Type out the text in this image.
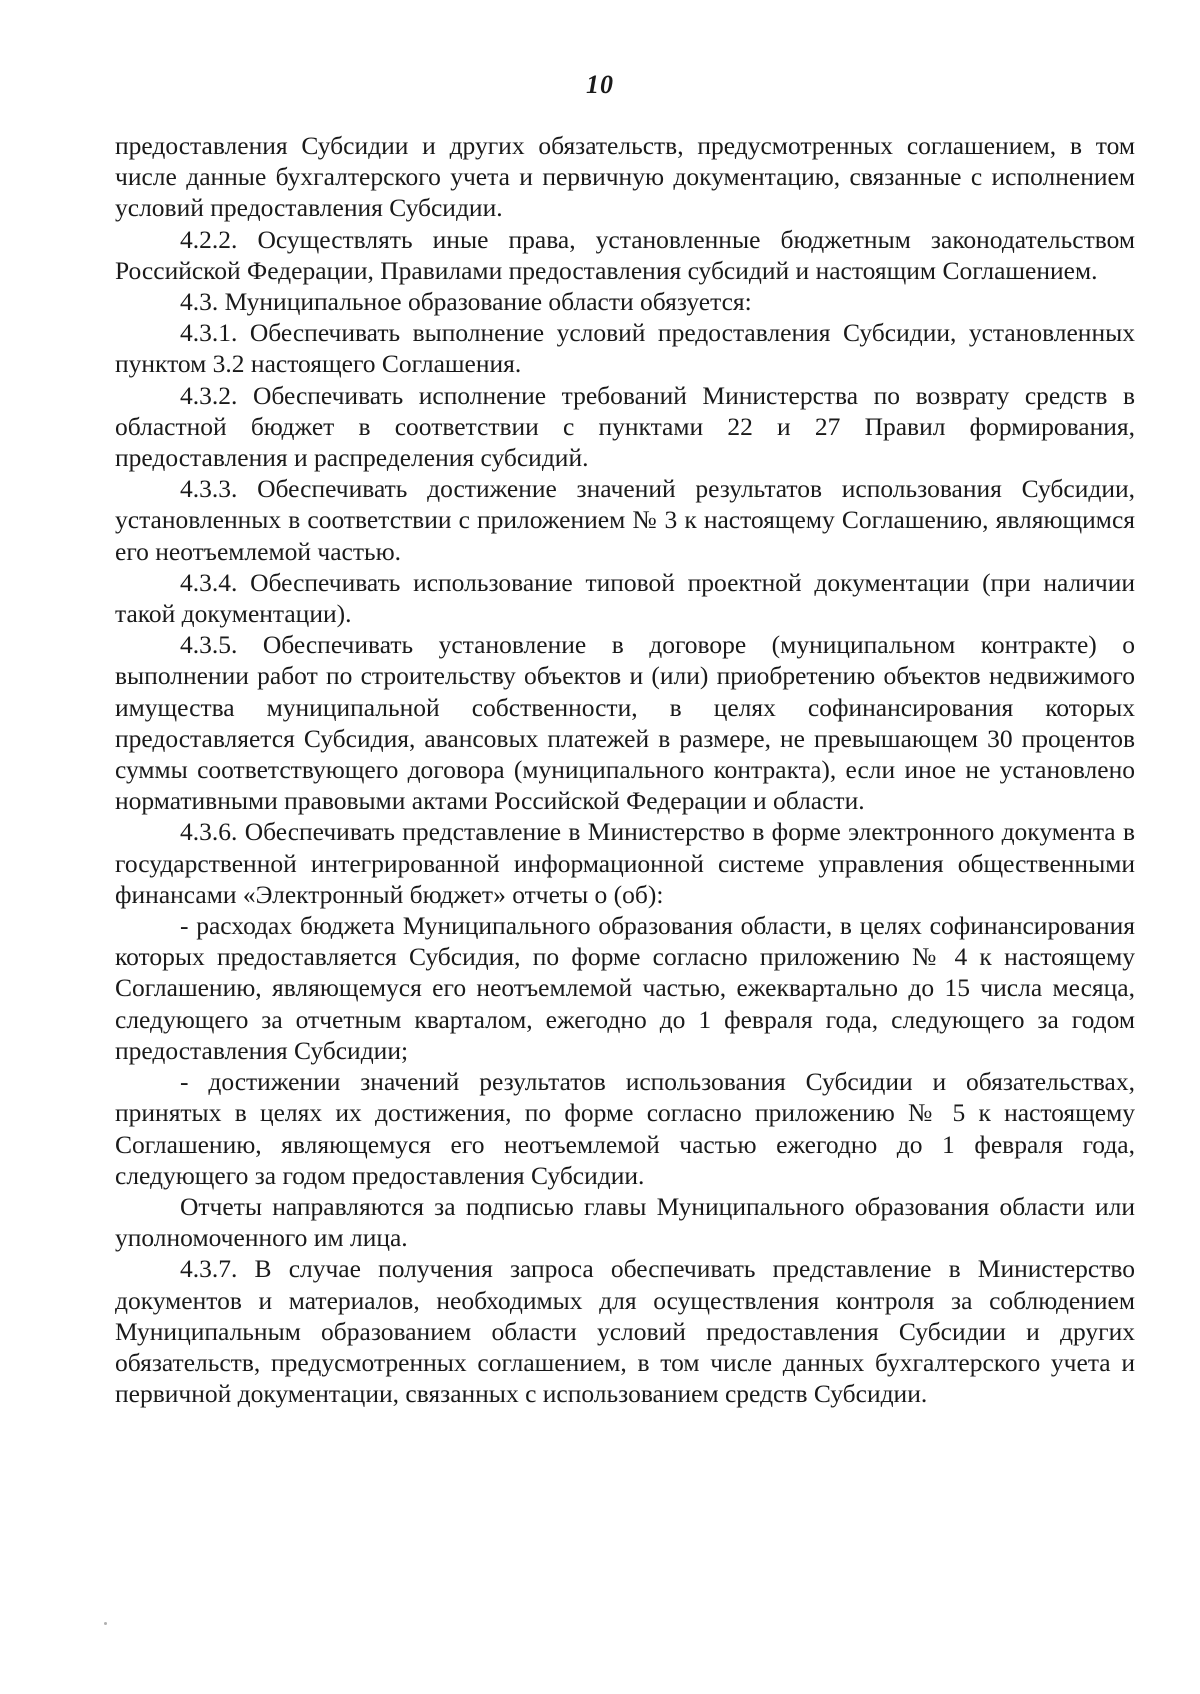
10

предоставления Субсидии и других обязательств, предусмотренных соглашением, в том числе данные бухгалтерского учета и первичную документацию, связанные с исполнением условий предоставления Субсидии.

4.2.2. Осуществлять иные права, установленные бюджетным законодательством Российской Федерации, Правилами предоставления субсидий и настоящим Соглашением.

4.3. Муниципальное образование области обязуется:

4.3.1. Обеспечивать выполнение условий предоставления Субсидии, установленных пунктом 3.2 настоящего Соглашения.

4.3.2. Обеспечивать исполнение требований Министерства по возврату средств в областной бюджет в соответствии с пунктами 22 и 27 Правил формирования, предоставления и распределения субсидий.

4.3.3. Обеспечивать достижение значений результатов использования Субсидии, установленных в соответствии с приложением № 3 к настоящему Соглашению, являющимся его неотъемлемой частью.

4.3.4. Обеспечивать использование типовой проектной документации (при наличии такой документации).

4.3.5. Обеспечивать установление в договоре (муниципальном контракте) о выполнении работ по строительству объектов и (или) приобретению объектов недвижимого имущества муниципальной собственности, в целях софинансирования которых предоставляется Субсидия, авансовых платежей в размере, не превышающем 30 процентов суммы соответствующего договора (муниципального контракта), если иное не установлено нормативными правовыми актами Российской Федерации и области.

4.3.6. Обеспечивать представление в Министерство в форме электронного документа в государственной интегрированной информационной системе управления общественными финансами «Электронный бюджет» отчеты о (об):

- расходах бюджета Муниципального образования области, в целях софинансирования которых предоставляется Субсидия, по форме согласно приложению № 4 к настоящему Соглашению, являющемуся его неотъемлемой частью, ежеквартально до 15 числа месяца, следующего за отчетным кварталом, ежегодно до 1 февраля года, следующего за годом предоставления Субсидии;

- достижении значений результатов использования Субсидии и обязательствах, принятых в целях их достижения, по форме согласно приложению № 5 к настоящему Соглашению, являющемуся его неотъемлемой частью ежегодно до 1 февраля года, следующего за годом предоставления Субсидии.

Отчеты направляются за подписью главы Муниципального образования области или уполномоченного им лица.

4.3.7. В случае получения запроса обеспечивать представление в Министерство документов и материалов, необходимых для осуществления контроля за соблюдением Муниципальным образованием области условий предоставления Субсидии и других обязательств, предусмотренных соглашением, в том числе данных бухгалтерского учета и первичной документации, связанных с использованием средств Субсидии.
